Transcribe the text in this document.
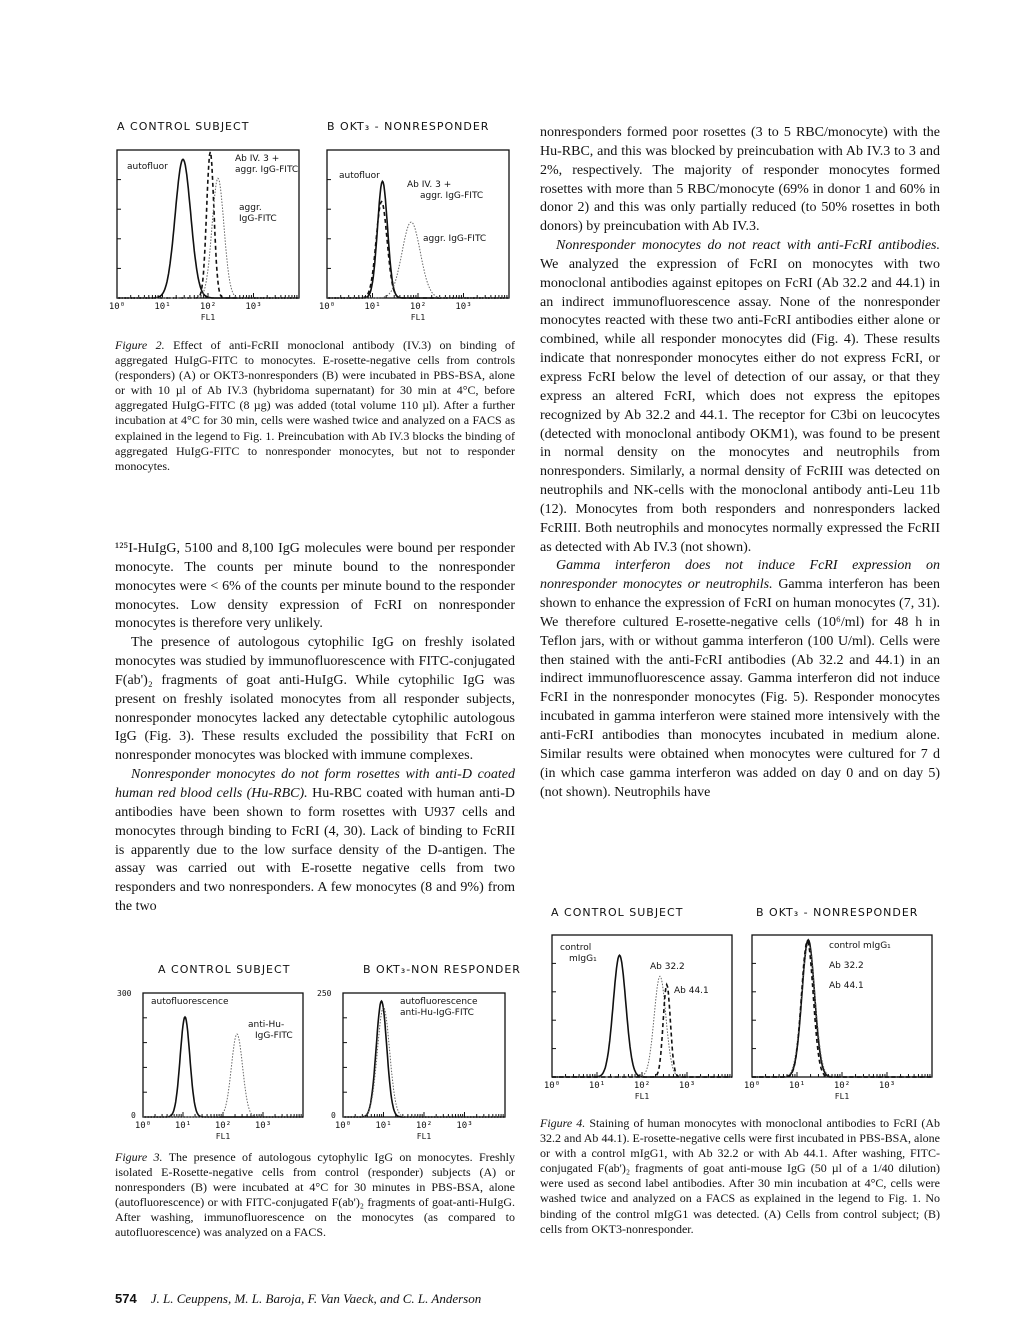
A CONTROL SUBJECT	B OKT₃ - NONRESPONDER
autofluor
Ab IV. 3 +
aggr. IgG-FITC
aggr.
IgG-FITC
10⁰	10¹	10²	10³
FL1
autofluor
Ab IV. 3 +
aggr. IgG-FITC
aggr. IgG-FITC
10⁰	10¹	10²	10³
FL1
Figure 2. Effect of anti-FcRII monoclonal antibody (IV.3) on binding of aggregated HuIgG-FITC to monocytes. E-rosette-negative cells from controls (responders) (A) or OKT3-nonresponders (B) were incubated in PBS-BSA, alone or with 10 µl of Ab IV.3 (hybridoma supernatant) for 30 min at 4°C, before aggregated HuIgG-FITC (8 µg) was added (total volume 110 µl). After a further incubation at 4°C for 30 min, cells were washed twice and analyzed on a FACS as explained in the legend to Fig. 1. Preincubation with Ab IV.3 blocks the binding of aggregated HuIgG-FITC to nonresponder monocytes, but not to responder monocytes.

¹²⁵I-HuIgG, 5100 and 8,100 IgG molecules were bound per responder monocyte. The counts per minute bound to the nonresponder monocytes were < 6% of the counts per minute bound to the responder monocytes. Low density expression of FcRI on nonresponder monocytes is therefore very unlikely.

The presence of autologous cytophilic IgG on freshly isolated monocytes was studied by immunofluorescence with FITC-conjugated F(ab')₂ fragments of goat anti-HuIgG. While cytophilic IgG was present on freshly isolated monocytes from all responder subjects, nonresponder monocytes lacked any detectable cytophilic autologous IgG (Fig. 3). These results excluded the possibility that FcRI on nonresponder monocytes was blocked with immune complexes.

Nonresponder monocytes do not form rosettes with anti-D coated human red blood cells (Hu-RBC). Hu-RBC coated with human anti-D antibodies have been shown to form rosettes with U937 cells and monocytes through binding to FcRI (4, 30). Lack of binding to FcRII is apparently due to the low surface density of the D-antigen. The assay was carried out with E-rosette negative cells from two responders and two nonresponders. A few monocytes (8 and 9%) from the two

A CONTROL SUBJECT	B OKT₃-NON RESPONDER
300
0
autofluorescence
anti-Hu-
IgG-FITC
10⁰	10¹	10²	10³
FL1
250
0
autofluorescence
anti-Hu-IgG-FITC
10⁰	10¹	10²	10³
FL1
Figure 3. The presence of autologous cytophylic IgG on monocytes. Freshly isolated E-Rosette-negative cells from control (responder) subjects (A) or nonresponders (B) were incubated at 4°C for 30 minutes in PBS-BSA, alone (autofluorescence) or with FITC-conjugated F(ab')₂ fragments of goat-anti-HuIgG. After washing, immunofluorescence on the monocytes (as compared to autofluorescence) was analyzed on a FACS.

nonresponders formed poor rosettes (3 to 5 RBC/monocyte) with the Hu-RBC, and this was blocked by preincubation with Ab IV.3 to 3 and 2%, respectively. The majority of responder monocytes formed rosettes with more than 5 RBC/monocyte (69% in donor 1 and 60% in donor 2) and this was only partially reduced (to 50% rosettes in both donors) by preincubation with Ab IV.3.

Nonresponder monocytes do not react with anti-FcRI antibodies. We analyzed the expression of FcRI on monocytes with two monoclonal antibodies against epitopes on FcRI (Ab 32.2 and 44.1) in an indirect immunofluorescence assay. None of the nonresponder monocytes reacted with these two anti-FcRI antibodies either alone or combined, while all responder monocytes did (Fig. 4). These results indicate that nonresponder monocytes either do not express FcRI, or express FcRI below the level of detection of our assay, or that they express an altered FcRI, which does not express the epitopes recognized by Ab 32.2 and 44.1. The receptor for C3bi on leucocytes (detected with monoclonal antibody OKM1), was found to be present in normal density on the monocytes and neutrophils from nonresponders. Similarly, a normal density of FcRIII was detected on neutrophils and NK-cells with the monoclonal antibody anti-Leu 11b (12). Monocytes from both responders and nonresponders lacked FcRIII. Both neutrophils and monocytes normally expressed the FcRII as detected with Ab IV.3 (not shown).

Gamma interferon does not induce FcRI expression on nonresponder monocytes or neutrophils. Gamma interferon has been shown to enhance the expression of FcRI on human monocytes (7, 31). We therefore cultured E-rosette-negative cells (10⁶/ml) for 48 h in Teflon jars, with or without gamma interferon (100 U/ml). Cells were then stained with the anti-FcRI antibodies (Ab 32.2 and 44.1) in an indirect immunofluorescence assay. Gamma interferon did not induce FcRI in the nonresponder monocytes (Fig. 5). Responder monocytes incubated in gamma interferon were stained more intensively with the anti-FcRI antibodies than monocytes incubated in medium alone. Similar results were obtained when monocytes were cultured for 7 d (in which case gamma interferon was added on day 0 and on day 5) (not shown). Neutrophils have

A CONTROL SUBJECT	B OKT₃ - NONRESPONDER
control
mIgG₁
Ab 32.2
Ab 44.1
10⁰	10¹	10²	10³
FL1
control mIgG₁
Ab 32.2
Ab 44.1
10⁰	10¹	10²	10³
FL1
Figure 4. Staining of human monocytes with monoclonal antibodies to FcRI (Ab 32.2 and Ab 44.1). E-rosette-negative cells were first incubated in PBS-BSA, alone or with a control mIgG1, with Ab 32.2 or with Ab 44.1. After washing, FITC-conjugated F(ab')₂ fragments of goat anti-mouse IgG (50 µl of a 1/40 dilution) were used as second label antibodies. After 30 min incubation at 4°C, cells were washed twice and analyzed on a FACS as explained in the legend to Fig. 1. No binding of the control mIgG1 was detected. (A) Cells from control subject; (B) cells from OKT3-nonresponder.
574 J. L. Ceuppens, M. L. Baroja, F. Van Vaeck, and C. L. Anderson
